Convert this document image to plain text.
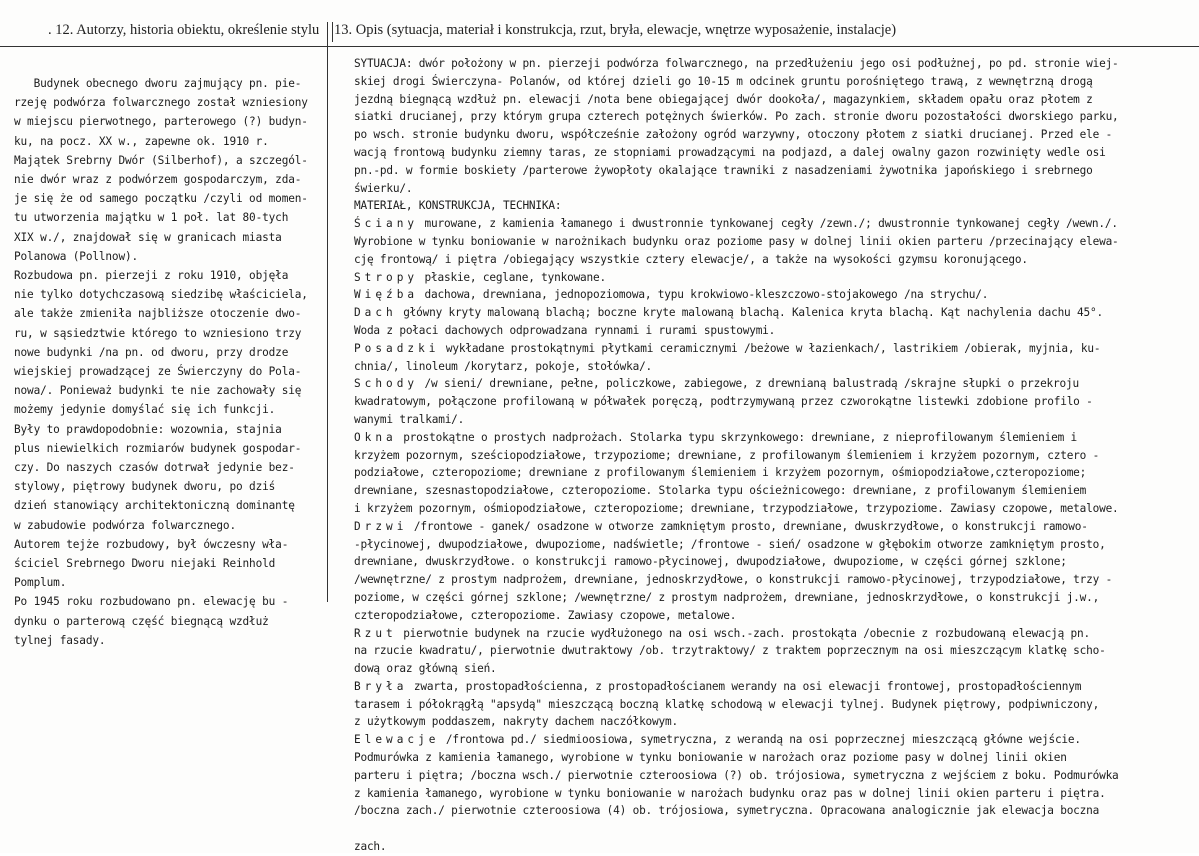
. 12. Autorzy, historia obiektu, określenie stylu 13. Opis (sytuacja, materiał i konstrukcja, rzut, bryła, elewacje, wnętrze wyposażenie, instalacje)
Budynek obecnego dworu zajmujący pn. pie-
rzeję podwórza folwarcznego został wzniesiony
w miejscu pierwotnego, parterowego (?) budyn-
ku, na pocz. XX w., zapewne ok. 1910 r.
Majątek Srebrny Dwór (Silberhof), a szczegól-
nie dwór wraz z podwórzem gospodarczym, zda-
je się że od samego początku /czyli od momen-
tu utworzenia majątku w 1 poł. lat 80-tych
XIX w./, znajdował się w granicach miasta
Polanowa (Pollnow).
Rozbudowa pn. pierzeji z roku 1910, objęła
nie tylko dotychczasową siedzibę właściciela,
ale także zmieniła najbliższe otoczenie dwo-
ru, w sąsiedztwie którego to wzniesiono trzy
nowe budynki /na pn. od dworu, przy drodze
wiejskiej prowadzącej ze Świerczyny do Pola-
nowa/. Ponieważ budynki te nie zachowały się
możemy jedynie domyślać się ich funkcji.
Były to prawdopodobnie: wozownia, stajnia
plus niewielkich rozmiarów budynek gospodar-
czy. Do naszych czasów dotrwał jedynie bez-
stylowy, piętrowy budynek dworu, po dziś
dzień stanowiący architektoniczną dominantę
w zabudowie podwórza folwarcznego.
Autorem tejże rozbudowy, był ówczesny wła-
ściciel Srebrnego Dworu niejaki Reinhold
Pomplum.
Po 1945 roku rozbudowano pn. elewację bu -
dynku o parterową część biegnącą wzdłuż
tylnej fasady.
SYTUACJA: dwór położony w pn. pierzeji podwórza folwarcznego, na przedłużeniu jego osi podłużnej, po pd. stronie wiej-
skiej drogi Świerczyna- Polanów, od której dzieli go 10-15 m odcinek gruntu porośniętego trawą, z wewnętrzną drogą
jezdną biegnącą wzdłuż pn. elewacji /nota bene obiegającej dwór dookoła/, magazynkiem, składem opału oraz płotem z
siatki drucianej, przy którym grupa czterech potężnych świerków. Po zach. stronie dworu pozostałości dworskiego parku,
po wsch. stronie budynku dworu, współcześnie założony ogród warzywny, otoczony płotem z siatki drucianej. Przed ele -
wacją frontową budynku ziemny taras, ze stopniami prowadzącymi na podjazd, a dalej owalny gazon rozwinięty wedle osi
pn.-pd. w formie boskiety /parterowe żywopłoty okalające trawniki z nasadzeniami żywotnika japońskiego i srebrnego
świerku/.
MATERIAŁ, KONSTRUKCJA, TECHNIKA:
Ściany murowane, z kamienia łamanego i dwustronnie tynkowanej cegły /zewn./; dwustronnie tynkowanej cegły /wewn./.
Wyrobione w tynku boniowanie w narożnikach budynku oraz poziome pasy w dolnej linii okien parteru /przecinający elewa-
cję frontową/ i piętra /obiegający wszystkie cztery elewacje/, a także na wysokości gzymsu koronującego.
Stropy płaskie, ceglane, tynkowane.
Więźba dachowa, drewniana, jednopoziomowa, typu krokwiowo-kleszczowo-stojakowego /na strychu/.
Dach główny kryty malowaną blachą; boczne kryte malowaną blachą. Kalenica kryta blachą. Kąt nachylenia dachu 45°.
Woda z połaci dachowych odprowadzana rynnami i rurami spustowymi.
Posadzki wykładane prostokątnymi płytkami ceramicznymi /beżowe w łazienkach/, lastrikiem /obierak, myjnia, ku-
chnia/, linoleum /korytarz, pokoje, stołówka/.
Schody /w sieni/ drewniane, pełne, policzkowe, zabiegowe, z drewnianą balustradą /skrajne słupki o przekroju
kwadratowym, połączone profilowaną w półwałek poręczą, podtrzymywaną przez czworokątne listewki zdobione profilo -
wanymi tralkami/.
Okna prostokątne o prostych nadprożach. Stolarka typu skrzynkowego: drewniane, z nieprofilowanym ślemieniem i
krzyżem pozornym, sześciopodziałowe, trzypoziome; drewniane, z profilowanym ślemieniem i krzyżem pozornym, cztero -
podziałowe, czteropoziome; drewniane z profilowanym ślemieniem i krzyżem pozornym, ośmiopodziałowe,czteropoziome;
drewniane, szesnastopodziałowe, czteropoziome. Stolarka typu ościeżnicowego: drewniane, z profilowanym ślemieniem
i krzyżem pozornym, ośmiopodziałowe, czteropoziome; drewniane, trzypodziałowe, trzypoziome. Zawiasy czopowe, metalowe.
Drzwi /frontowe - ganek/ osadzone w otworze zamkniętym prosto, drewniane, dwuskrzydłowe, o konstrukcji ramowo-
-płycinowej, dwupodziałowe, dwupoziome, nadświetle; /frontowe - sień/ osadzone w głębokim otworze zamkniętym prosto,
drewniane, dwuskrzydłowe. o konstrukcji ramowo-płycinowej, dwupodziałowe, dwupoziome, w części górnej szklone;
/wewnętrzne/ z prostym nadprożem, drewniane, jednoskrzydłowe, o konstrukcji ramowo-płycinowej, trzypodziałowe, trzy -
poziome, w części górnej szklone; /wewnętrzne/ z prostym nadprożem, drewniane, jednoskrzydłowe, o konstrukcji j.w.,
czteropodziałowe, czteropoziome. Zawiasy czopowe, metalowe.
Rzut pierwotnie budynek na rzucie wydłużonego na osi wsch.-zach. prostokąta /obecnie z rozbudowaną elewacją pn.
na rzucie kwadratu/, pierwotnie dwutraktowy /ob. trzytraktowy/ z traktem poprzecznym na osi mieszczącym klatkę scho-
dową oraz główną sień.
Bryła zwarta, prostopadłościenna, z prostopadłościanem werandy na osi elewacji frontowej, prostopadłościennym
tarasem i półokrągłą "apsydą" mieszczącą boczną klatkę schodową w elewacji tylnej. Budynek piętrowy, podpiwniczony,
z użytkowym poddaszem, nakryty dachem naczółkowym.
Elewacje /frontowa pd./ siedmioosiowa, symetryczna, z werandą na osi poprzecznej mieszczącą główne wejście.
Podmurówka z kamienia łamanego, wyrobione w tynku boniowanie w narożach oraz poziome pasy w dolnej linii okien
parteru i piętra; /boczna wsch./ pierwotnie czteroosiowa (?) ob. trójosiowa, symetryczna z wejściem z boku. Podmurówka
z kamienia łamanego, wyrobione w tynku boniowanie w narożach budynku oraz pas w dolnej linii okien parteru i piętra.
/boczna zach./ pierwotnie czteroosiowa (4) ob. trójosiowa, symetryczna. Opracowana analogicznie jak elewacja boczna

zach.
